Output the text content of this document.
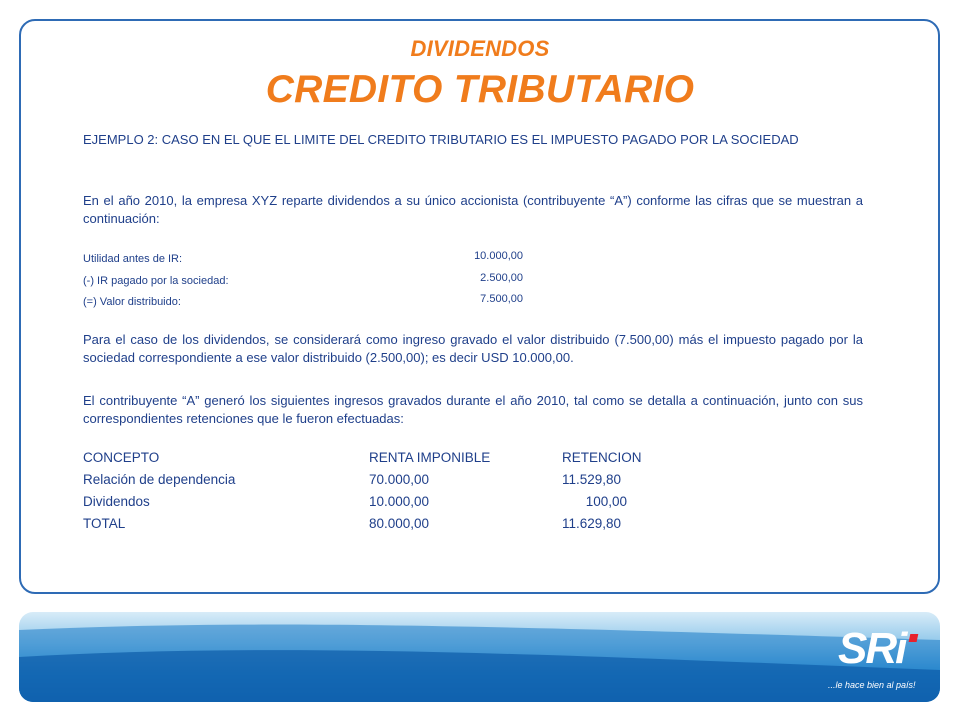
DIVIDENDOS
CREDITO TRIBUTARIO
EJEMPLO 2: CASO EN EL QUE EL LIMITE DEL CREDITO TRIBUTARIO ES EL IMPUESTO PAGADO POR LA SOCIEDAD
En el año 2010, la empresa XYZ reparte dividendos a su único accionista (contribuyente “A”) conforme las cifras que se muestran a continuación:
Utilidad antes de IR:	10.000,00
(-) IR pagado por la sociedad:	2.500,00
(=) Valor distribuido:	7.500,00
Para el caso de los dividendos, se considerará como ingreso gravado el valor distribuido (7.500,00) más el impuesto pagado por la sociedad correspondiente a ese valor distribuido (2.500,00); es decir USD 10.000,00.
El contribuyente “A” generó los siguientes ingresos gravados durante el año 2010, tal como se detalla a continuación, junto con sus correspondientes retenciones que le fueron efectuadas:
CONCEPTO	RENTA IMPONIBLE	RETENCION
Relación de dependencia	70.000,00	11.529,80
Dividendos	10.000,00	100,00
TOTAL	80.000,00	11.629,80
SRi
...le hace bien al país!
